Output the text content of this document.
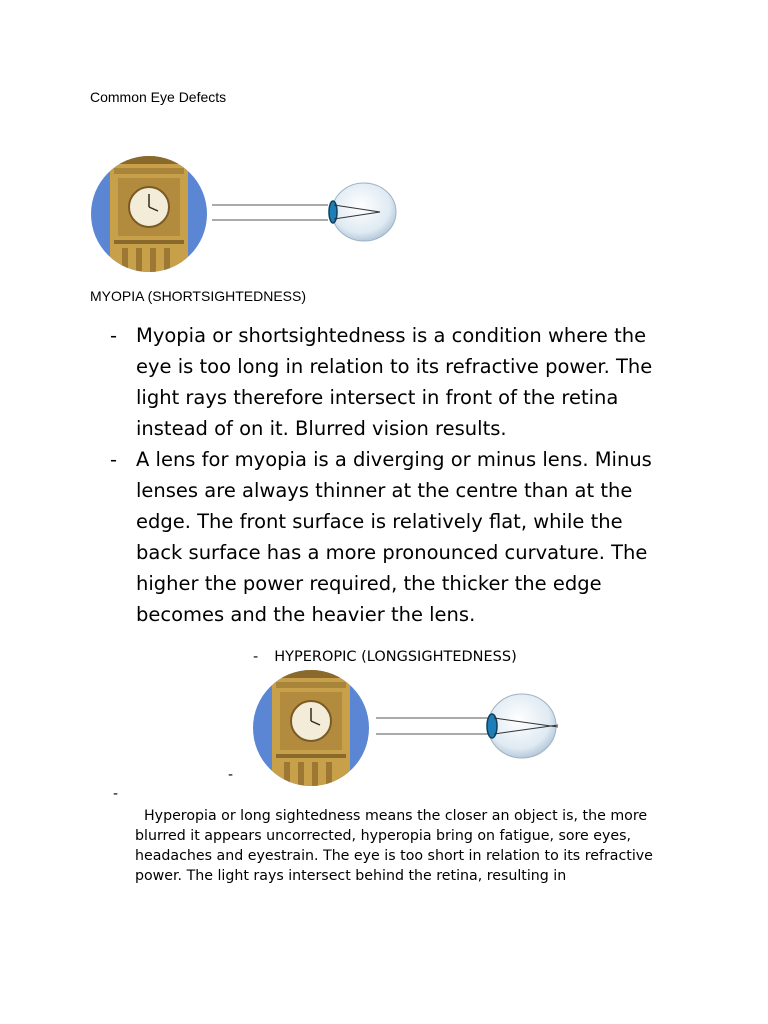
Common Eye Defects
MYOPIA (SHORTSIGHTEDNESS)
- Myopia or shortsightedness is a condition where the eye is too long in relation to its refractive power. The light rays therefore intersect in front of the retina instead of on it. Blurred vision results.
- A lens for myopia is a diverging or minus lens. Minus lenses are always thinner at the centre than at the edge. The front surface is relatively flat, while the back surface has a more pronounced curvature. The higher the power required, the thicker the edge becomes and the heavier the lens.
- HYPEROPIC (LONGSIGHTEDNESS)
-
-

Hyperopia or long sightedness means the closer an object is, the more blurred it appears uncorrected, hyperopia bring on fatigue, sore eyes, headaches and eyestrain. The eye is too short in relation to its refractive power. The light rays intersect behind the retina, resulting in
